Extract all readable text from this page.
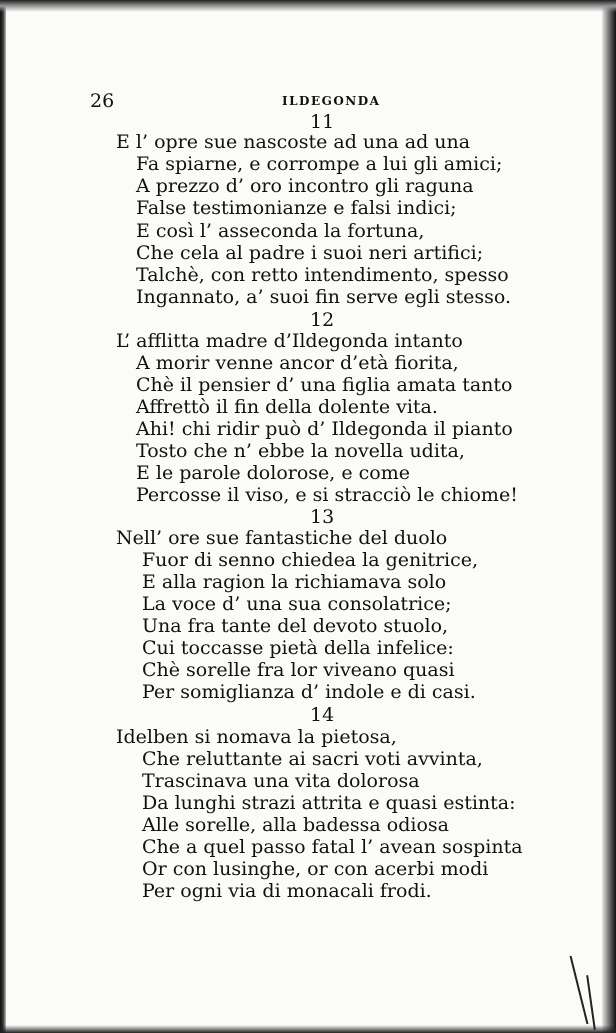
26	ILDEGONDA
11
E l’ opre sue nascoste ad una ad una
Fa spiarne, e corrompe a lui gli amici;
A prezzo d’ oro incontro gli raguna
False testimonianze e falsi indici;
E così l’ asseconda la fortuna,
Che cela al padre i suoi neri artifici;
Talchè, con retto intendimento, spesso
Ingannato, a’ suoi fin serve egli stesso.
12
L’ afflitta madre d’Ildegonda intanto
A morir venne ancor d’età fiorita,
Chè il pensier d’ una figlia amata tanto
Affrettò il fin della dolente vita.
Ahi! chi ridir può d’ Ildegonda il pianto
Tosto che n’ ebbe la novella udita,
E le parole dolorose, e come
Percosse il viso, e si stracciò le chiome!
13
Nell’ ore sue fantastiche del duolo
Fuor di senno chiedea la genitrice,
E alla ragion la richiamava solo
La voce d’ una sua consolatrice;
Una fra tante del devoto stuolo,
Cui toccasse pietà della infelice:
Chè sorelle fra lor viveano quasi
Per somiglianza d’ indole e di casi.
14
Idelben si nomava la pietosa,
Che reluttante ai sacri voti avvinta,
Trascinava una vita dolorosa
Da lunghi strazi attrita e quasi estinta:
Alle sorelle, alla badessa odiosa
Che a quel passo fatal l’ avean sospinta
Or con lusinghe, or con acerbi modi
Per ogni via di monacali frodi.
